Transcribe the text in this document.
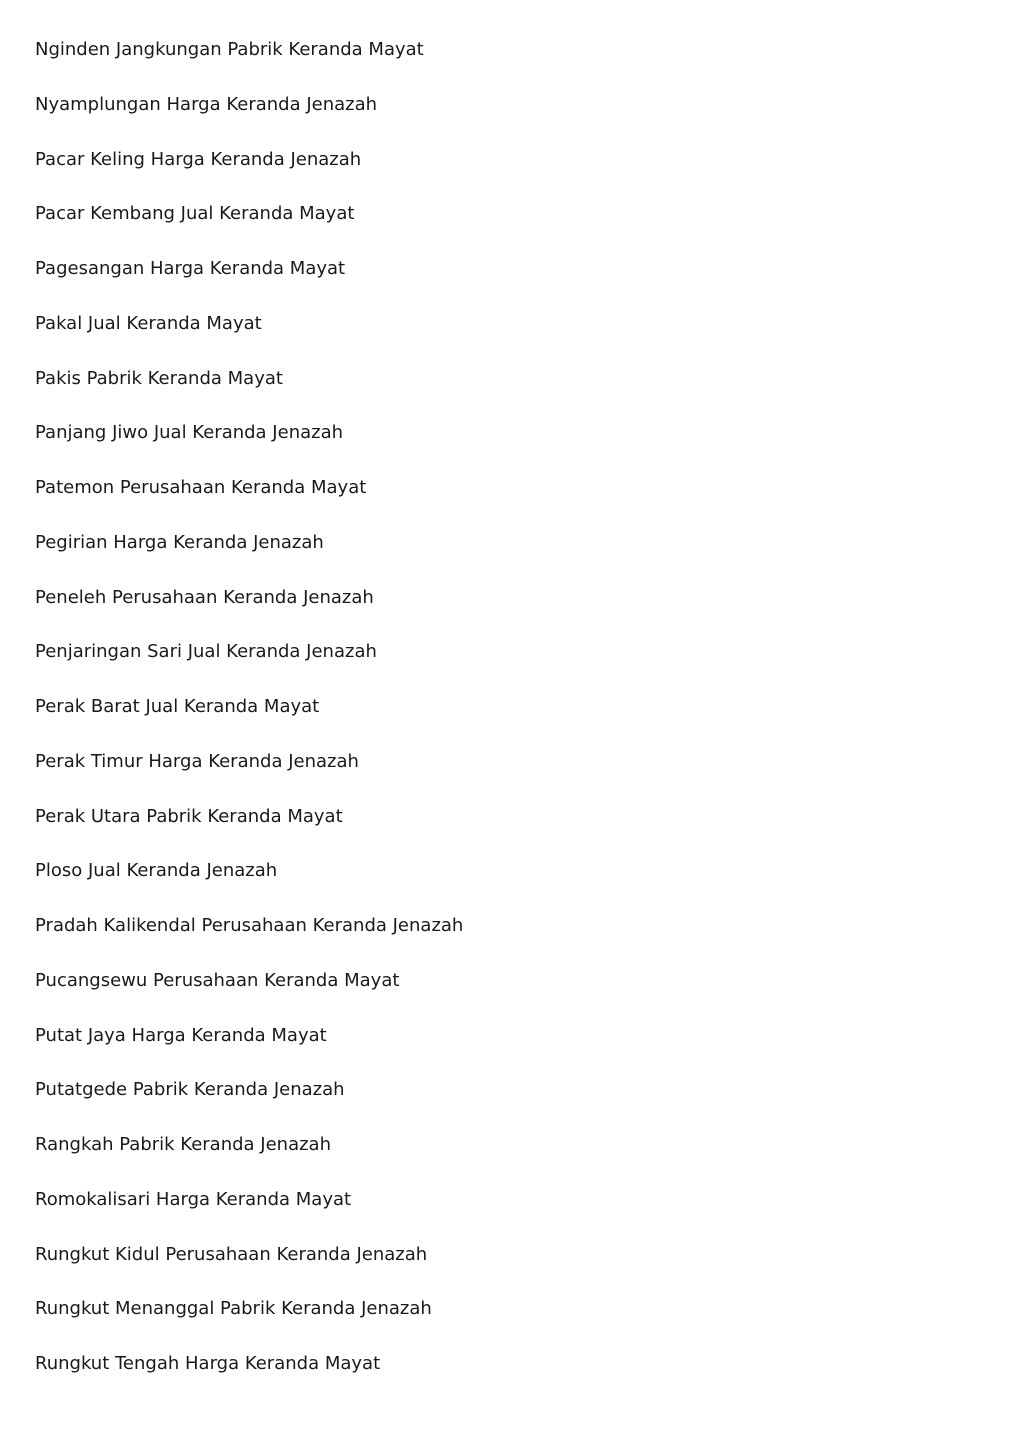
Nginden Jangkungan Pabrik Keranda Mayat
Nyamplungan Harga Keranda Jenazah
Pacar Keling Harga Keranda Jenazah
Pacar Kembang Jual Keranda Mayat
Pagesangan Harga Keranda Mayat
Pakal Jual Keranda Mayat
Pakis Pabrik Keranda Mayat
Panjang Jiwo Jual Keranda Jenazah
Patemon Perusahaan Keranda Mayat
Pegirian Harga Keranda Jenazah
Peneleh Perusahaan Keranda Jenazah
Penjaringan Sari Jual Keranda Jenazah
Perak Barat Jual Keranda Mayat
Perak Timur Harga Keranda Jenazah
Perak Utara Pabrik Keranda Mayat
Ploso Jual Keranda Jenazah
Pradah Kalikendal Perusahaan Keranda Jenazah
Pucangsewu Perusahaan Keranda Mayat
Putat Jaya Harga Keranda Mayat
Putatgede Pabrik Keranda Jenazah
Rangkah Pabrik Keranda Jenazah
Romokalisari Harga Keranda Mayat
Rungkut Kidul Perusahaan Keranda Jenazah
Rungkut Menanggal Pabrik Keranda Jenazah
Rungkut Tengah Harga Keranda Mayat
